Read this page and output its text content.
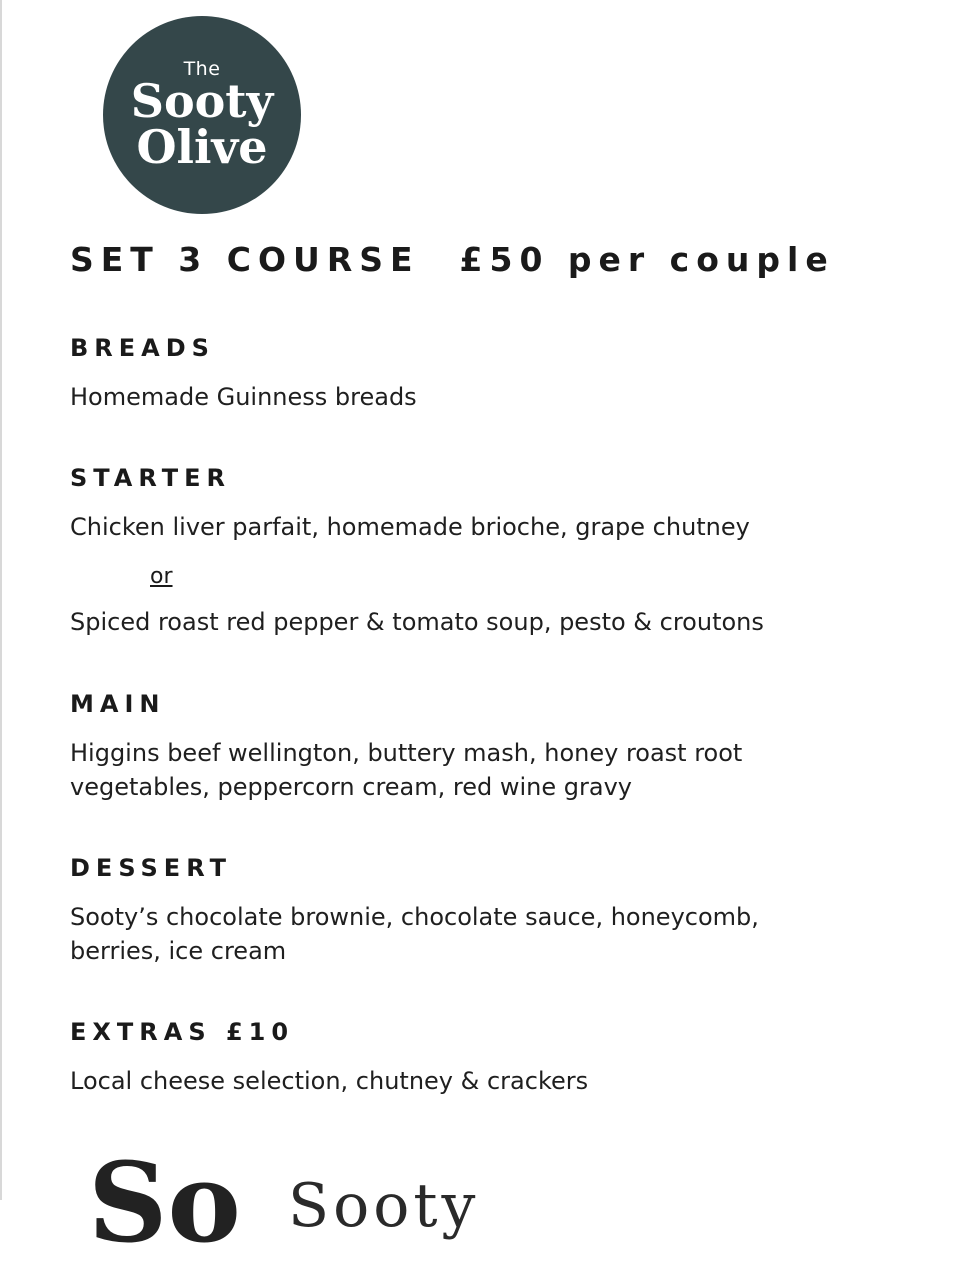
The
Sooty
Olive
SET 3 COURSE £50 per couple
BREADS

Homemade Guinness breads

STARTER

Chicken liver parfait, homemade brioche, grape chutney

or

Spiced roast red pepper & tomato soup, pesto & croutons

MAIN

Higgins beef wellington, buttery mash, honey roast root

vegetables, peppercorn cream, red wine gravy

DESSERT

Sooty’s chocolate brownie, chocolate sauce, honeycomb,

berries, ice cream

EXTRAS £10

Local cheese selection, chutney & crackers

So Sooty
